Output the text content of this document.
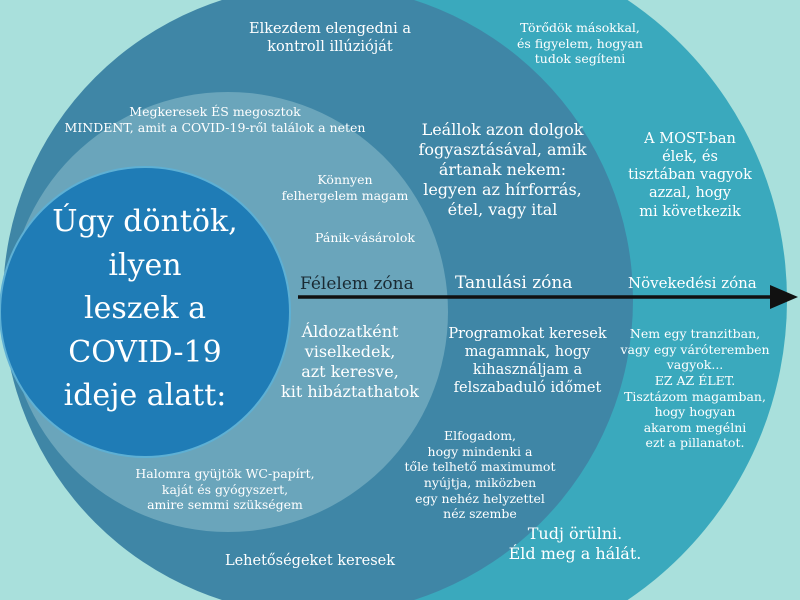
Úgy döntök,
ilyen
leszek a
COVID-19
ideje alatt:
Félelem zóna Tanulási zóna	Növekedési zóna
Megkeresek ÉS megosztok
MINDENT, amit a COVID-19-ről találok a neten
Könnyen
felhergelem magam
Pánik-vásárolok
Áldozatként
viselkedek,
azt keresve,
kit hibáztathatok
Halomra gyüjtök WC-papírt,
kaját és gyógyszert,
amire semmi szükségem
Elkezdem elengedni a
kontroll illúzióját
Leállok azon dolgok
fogyasztásával, amik
ártanak nekem:
legyen az hírforrás,
étel, vagy ital
Programokat keresek
magamnak, hogy
kihasználjam a
felszabaduló időmet
Elfogadom,
hogy mindenki a
tőle telhető maximumot
nyújtja, miközben
egy nehéz helyzettel
néz szembe
Lehetőségeket keresek
Törődök másokkal,
és figyelem, hogyan
tudok segíteni
A MOST-ban
élek, és
tisztában vagyok
azzal, hogy
mi következik
Nem egy tranzitban,
vagy egy váróteremben
vagyok...
EZ AZ ÉLET.
Tisztázom magamban,
hogy hogyan
akarom megélni
ezt a pillanatot.
Tudj örülni.
Éld meg a hálát.
